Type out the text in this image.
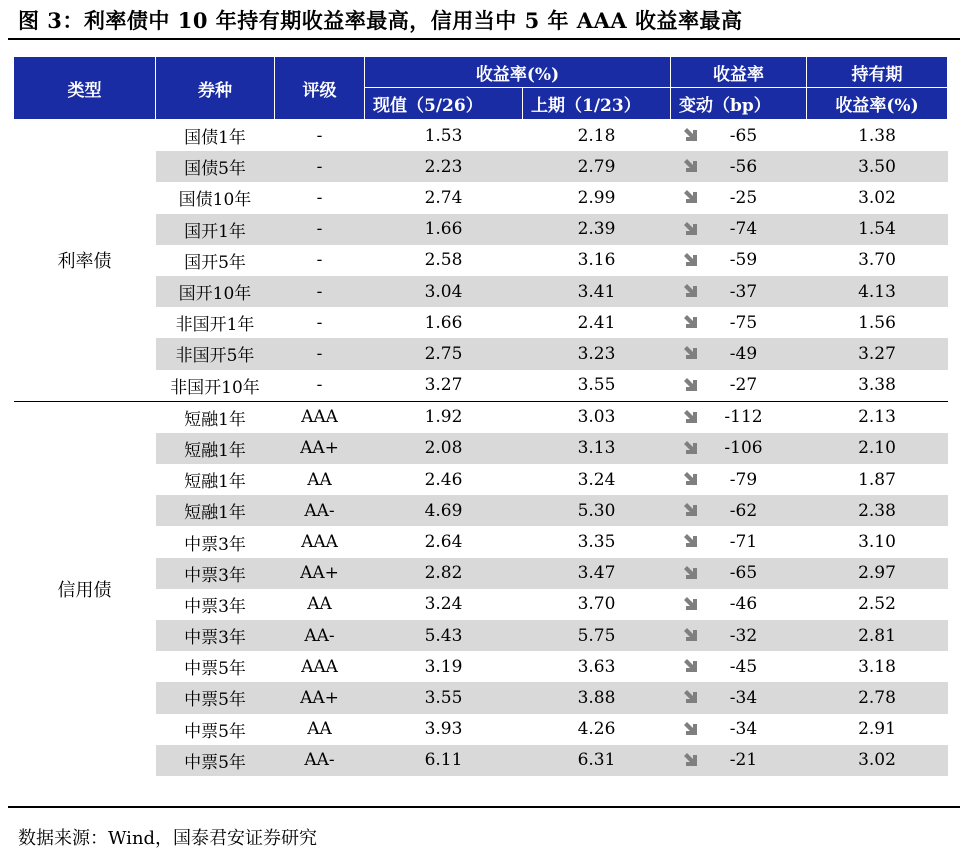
图 3：利率债中 10 年持有期收益率最高，信用当中 5 年 AAA 收益率最高
类型	券种	评级	收益率(%)		收益率	持有期
			现值（5/26）	上期（1/23）	变动（bp）	收益率(%)
利率债	国债1年	-	1.53	2.18	-65	1.38
	国债5年	-	2.23	2.79	-56	3.50
	国债10年	-	2.74	2.99	-25	3.02
	国开1年	-	1.66	2.39	-74	1.54
	国开5年	-	2.58	3.16	-59	3.70
	国开10年	-	3.04	3.41	-37	4.13
	非国开1年	-	1.66	2.41	-75	1.56
	非国开5年	-	2.75	3.23	-49	3.27
	非国开10年	-	3.27	3.55	-27	3.38
信用债	短融1年	AAA	1.92	3.03	-112	2.13
	短融1年	AA+	2.08	3.13	-106	2.10
	短融1年	AA	2.46	3.24	-79	1.87
	短融1年	AA-	4.69	5.30	-62	2.38
	中票3年	AAA	2.64	3.35	-71	3.10
	中票3年	AA+	2.82	3.47	-65	2.97
	中票3年	AA	3.24	3.70	-46	2.52
	中票3年	AA-	5.43	5.75	-32	2.81
	中票5年	AAA	3.19	3.63	-45	3.18
	中票5年	AA+	3.55	3.88	-34	2.78
	中票5年	AA	3.93	4.26	-34	2.91
	中票5年	AA-	6.11	6.31	-21	3.02
数据来源：Wind，国泰君安证券研究
